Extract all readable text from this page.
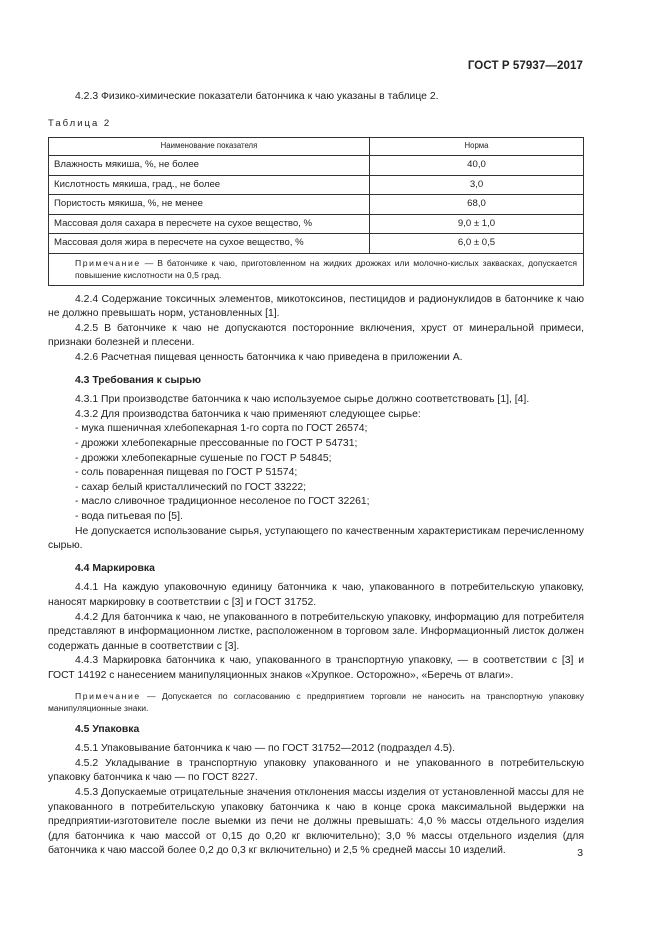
ГОСТ Р 57937—2017

4.2.3 Физико-химические показатели батончика к чаю указаны в таблице 2.

Таблица 2
Наименование показателя	Норма
Влажность мякиша, %, не более	40,0
Кислотность мякиша, град., не более	3,0
Пористость мякиша, %, не менее	68,0
Массовая доля сахара в пересчете на сухое вещество, %	9,0 ± 1,0
Массовая доля жира в пересчете на сухое вещество, %	6,0 ± 0,5
Примечание — В батончике к чаю, приготовленном на жидких дрожжах или молочно-кислых заквасках, допускается повышение кислотности на 0,5 град.	

4.2.4 Содержание токсичных элементов, микотоксинов, пестицидов и радионуклидов в батончике к чаю не должно превышать норм, установленных [1].

4.2.5 В батончике к чаю не допускаются посторонние включения, хруст от минеральной примеси, признаки болезней и плесени.

4.2.6 Расчетная пищевая ценность батончика к чаю приведена в приложении А.

4.3 Требования к сырью

4.3.1 При производстве батончика к чаю используемое сырье должно соответствовать [1], [4].

4.3.2 Для производства батончика к чаю применяют следующее сырье:

- мука пшеничная хлебопекарная 1-го сорта по ГОСТ 26574;

- дрожжи хлебопекарные прессованные по ГОСТ Р 54731;

- дрожжи хлебопекарные сушеные по ГОСТ Р 54845;

- соль поваренная пищевая по ГОСТ Р 51574;

- сахар белый кристаллический по ГОСТ 33222;

- масло сливочное традиционное несоленое по ГОСТ 32261;

- вода питьевая по [5].

Не допускается использование сырья, уступающего по качественным характеристикам перечисленному сырью.

4.4 Маркировка

4.4.1 На каждую упаковочную единицу батончика к чаю, упакованного в потребительскую упаковку, наносят маркировку в соответствии с [3] и ГОСТ 31752.

4.4.2 Для батончика к чаю, не упакованного в потребительскую упаковку, информацию для потребителя представляют в информационном листке, расположенном в торговом зале. Информационный листок должен содержать данные в соответствии с [3].

4.4.3 Маркировка батончика к чаю, упакованного в транспортную упаковку, — в соответствии с [3] и ГОСТ 14192 с нанесением манипуляционных знаков «Хрупкое. Осторожно», «Беречь от влаги».

Примечание — Допускается по согласованию с предприятием торговли не наносить на транспортную упаковку манипуляционные знаки.

4.5 Упаковка

4.5.1 Упаковывание батончика к чаю — по ГОСТ 31752—2012 (подраздел 4.5).

4.5.2 Укладывание в транспортную упаковку упакованного и не упакованного в потребительскую упаковку батончика к чаю — по ГОСТ 8227.

4.5.3 Допускаемые отрицательные значения отклонения массы изделия от установленной массы для не упакованного в потребительскую упаковку батончика к чаю в конце срока максимальной выдержки на предприятии-изготовителе после выемки из печи не должны превышать: 4,0 % массы отдельного изделия (для батончика к чаю массой от 0,15 до 0,20 кг включительно); 3,0 % массы отдельного изделия (для батончика к чаю массой более 0,2 до 0,3 кг включительно) и 2,5 % средней массы 10 изделий.	3
